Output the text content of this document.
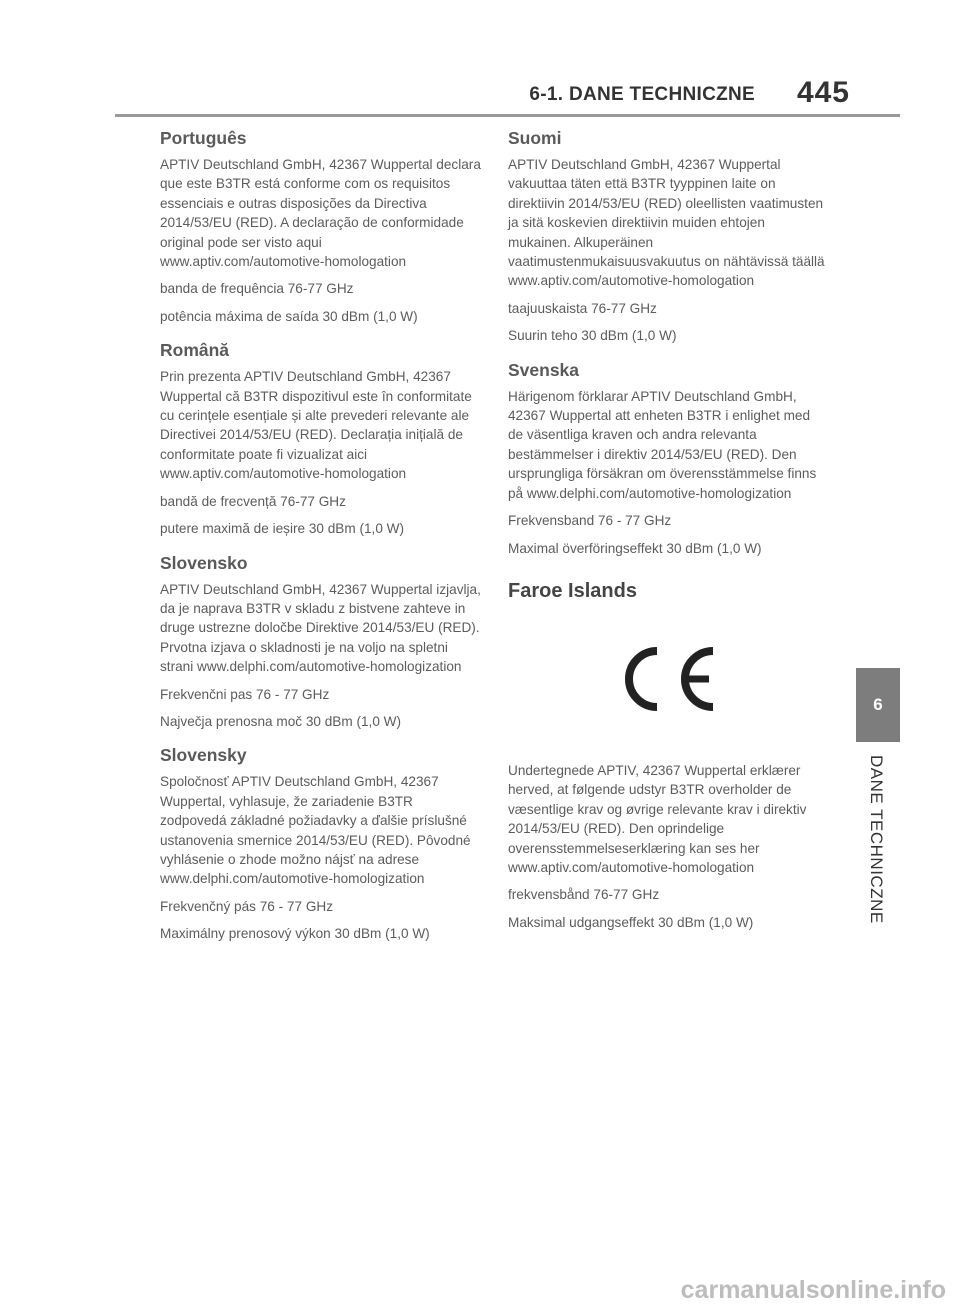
6-1. DANE TECHNICZNE 445
Português

APTIV Deutschland GmbH, 42367 Wuppertal declara que este B3TR está conforme com os requisitos essenciais e outras disposições da Directiva 2014/53/EU (RED). A declaração de conformidade original pode ser visto aqui www.aptiv.com/automotive-homologation

banda de frequência 76-77 GHz

potência máxima de saída 30 dBm (1,0 W)

Română

Prin prezenta APTIV Deutschland GmbH, 42367 Wuppertal că B3TR dispozitivul este în conformitate cu cerințele esențiale și alte prevederi relevante ale Directivei 2014/53/EU (RED). Declarația inițială de conformitate poate fi vizualizat aici www.aptiv.com/automotive-homologation

bandă de frecvență 76-77 GHz

putere maximă de ieșire 30 dBm (1,0 W)

Slovensko

APTIV Deutschland GmbH, 42367 Wuppertal izjavlja, da je naprava B3TR v skladu z bistvene zahteve in druge ustrezne določbe Direktive 2014/53/EU (RED). Prvotna izjava o skladnosti je na voljo na spletni strani www.delphi.com/automotive-homologization

Frekvenčni pas 76 - 77 GHz

Največja prenosna moč 30 dBm (1,0 W)

Slovensky

Spoločnosť APTIV Deutschland GmbH, 42367 Wuppertal, vyhlasuje, že zariadenie B3TR zodpovedá základné požiadavky a ďalšie príslušné ustanovenia smernice 2014/53/EU (RED). Pôvodné vyhlásenie o zhode možno nájsť na adrese www.delphi.com/automotive-homologization

Frekvenčný pás 76 - 77 GHz

Maximálny prenosový výkon 30 dBm (1,0 W)

Suomi

APTIV Deutschland GmbH, 42367 Wuppertal vakuuttaa täten että B3TR tyyppinen laite on direktiivin 2014/53/EU (RED) oleellisten vaatimusten ja sitä koskevien direktiivin muiden ehtojen mukainen. Alkuperäinen vaatimustenmukaisuusvakuutus on nähtävissä täällä www.aptiv.com/automotive-homologation

taajuuskaista 76-77 GHz

Suurin teho 30 dBm (1,0 W)

Svenska

Härigenom förklarar APTIV Deutschland GmbH, 42367 Wuppertal att enheten B3TR i enlighet med de väsentliga kraven och andra relevanta bestämmelser i direktiv 2014/53/EU (RED). Den ursprungliga försäkran om överensstämmelse finns på www.delphi.com/automotive-homologization

Frekvensband 76 - 77 GHz

Maximal överföringseffekt 30 dBm (1,0 W)

Faroe Islands

Undertegnede APTIV, 42367 Wuppertal erklærer herved, at følgende udstyr B3TR overholder de væsentlige krav og øvrige relevante krav i direktiv 2014/53/EU (RED). Den oprindelige overensstemmelseserklæring kan ses her www.aptiv.com/automotive-homologation

frekvensbånd 76-77 GHz

Maksimal udgangseffekt 30 dBm (1,0 W)

6
DANE TECHNICZNE
carmanualsonline.info
